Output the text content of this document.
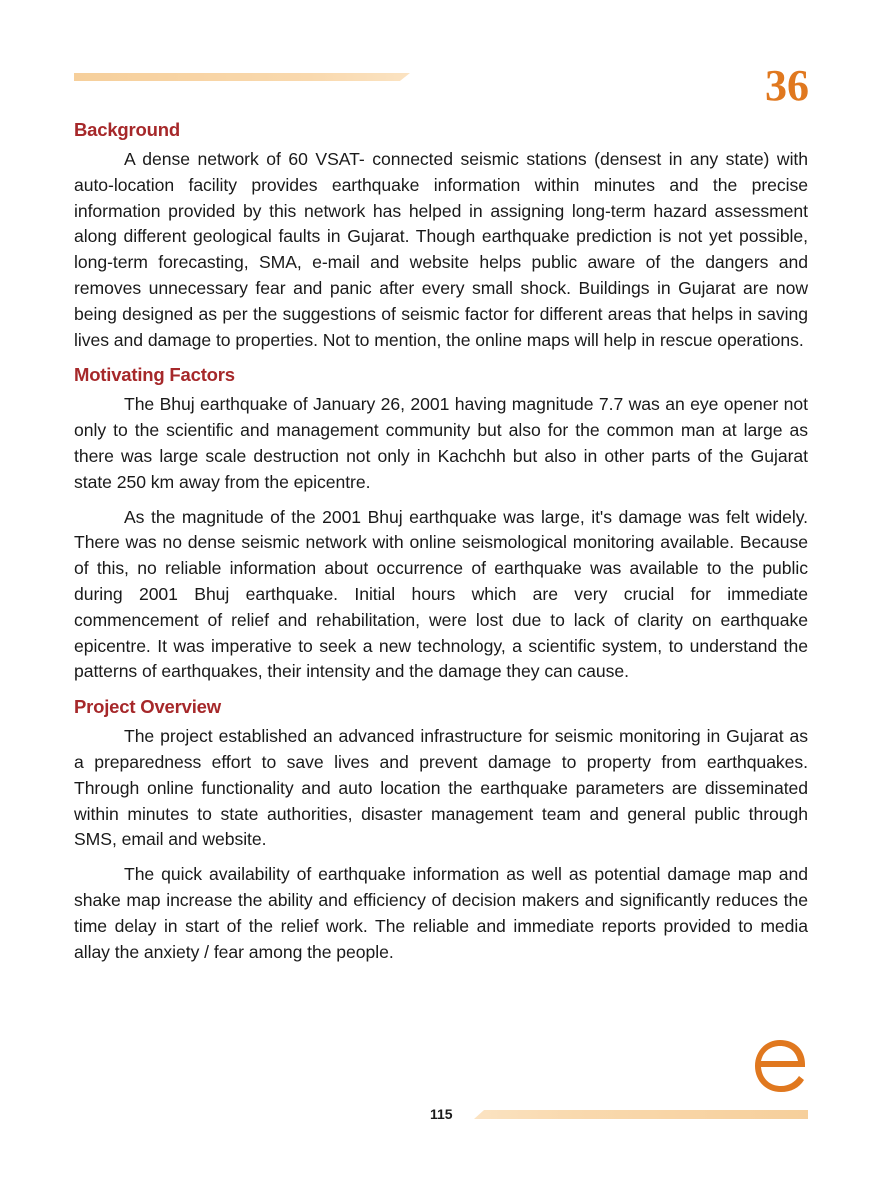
36
Background

A dense network of 60 VSAT- connected seismic stations (densest in any state) with auto-location facility provides earthquake information within minutes and the precise information provided by this network has helped in assigning long-term hazard assessment along different geological faults in Gujarat. Though earthquake prediction is not yet possible, long-term forecasting, SMA, e-mail and website helps public aware of the dangers and removes unnecessary fear and panic after every small shock. Buildings in Gujarat are now being designed as per the suggestions of seismic factor for different areas that helps in saving lives and damage to properties. Not to mention, the online maps will help in rescue operations.

Motivating Factors

The Bhuj earthquake of January 26, 2001 having magnitude 7.7 was an eye opener not only to the scientific and management community but also for the common man at large as there was large scale destruction not only in Kachchh but also in other parts of the Gujarat state 250 km away from the epicentre.

As the magnitude of the 2001 Bhuj earthquake was large, it's damage was felt widely. There was no dense seismic network with online seismological monitoring available. Because of this, no reliable information about occurrence of earthquake was available to the public during 2001 Bhuj earthquake. Initial hours which are very crucial for immediate commencement of relief and rehabilitation, were lost due to lack of clarity on earthquake epicentre. It was imperative to seek a new technology, a scientific system, to understand the patterns of earthquakes, their intensity and the damage they can cause.

Project Overview

The project established an advanced infrastructure for seismic monitoring in Gujarat as a preparedness effort to save lives and prevent damage to property from earthquakes. Through online functionality and auto location the earthquake parameters are disseminated within minutes to state authorities, disaster management team and general public through SMS, email and website.

The quick availability of earthquake information as well as potential damage map and shake map increase the ability and efficiency of decision makers and significantly reduces the time delay in start of the relief work. The reliable and immediate reports provided to media allay the anxiety / fear among the people.

115
